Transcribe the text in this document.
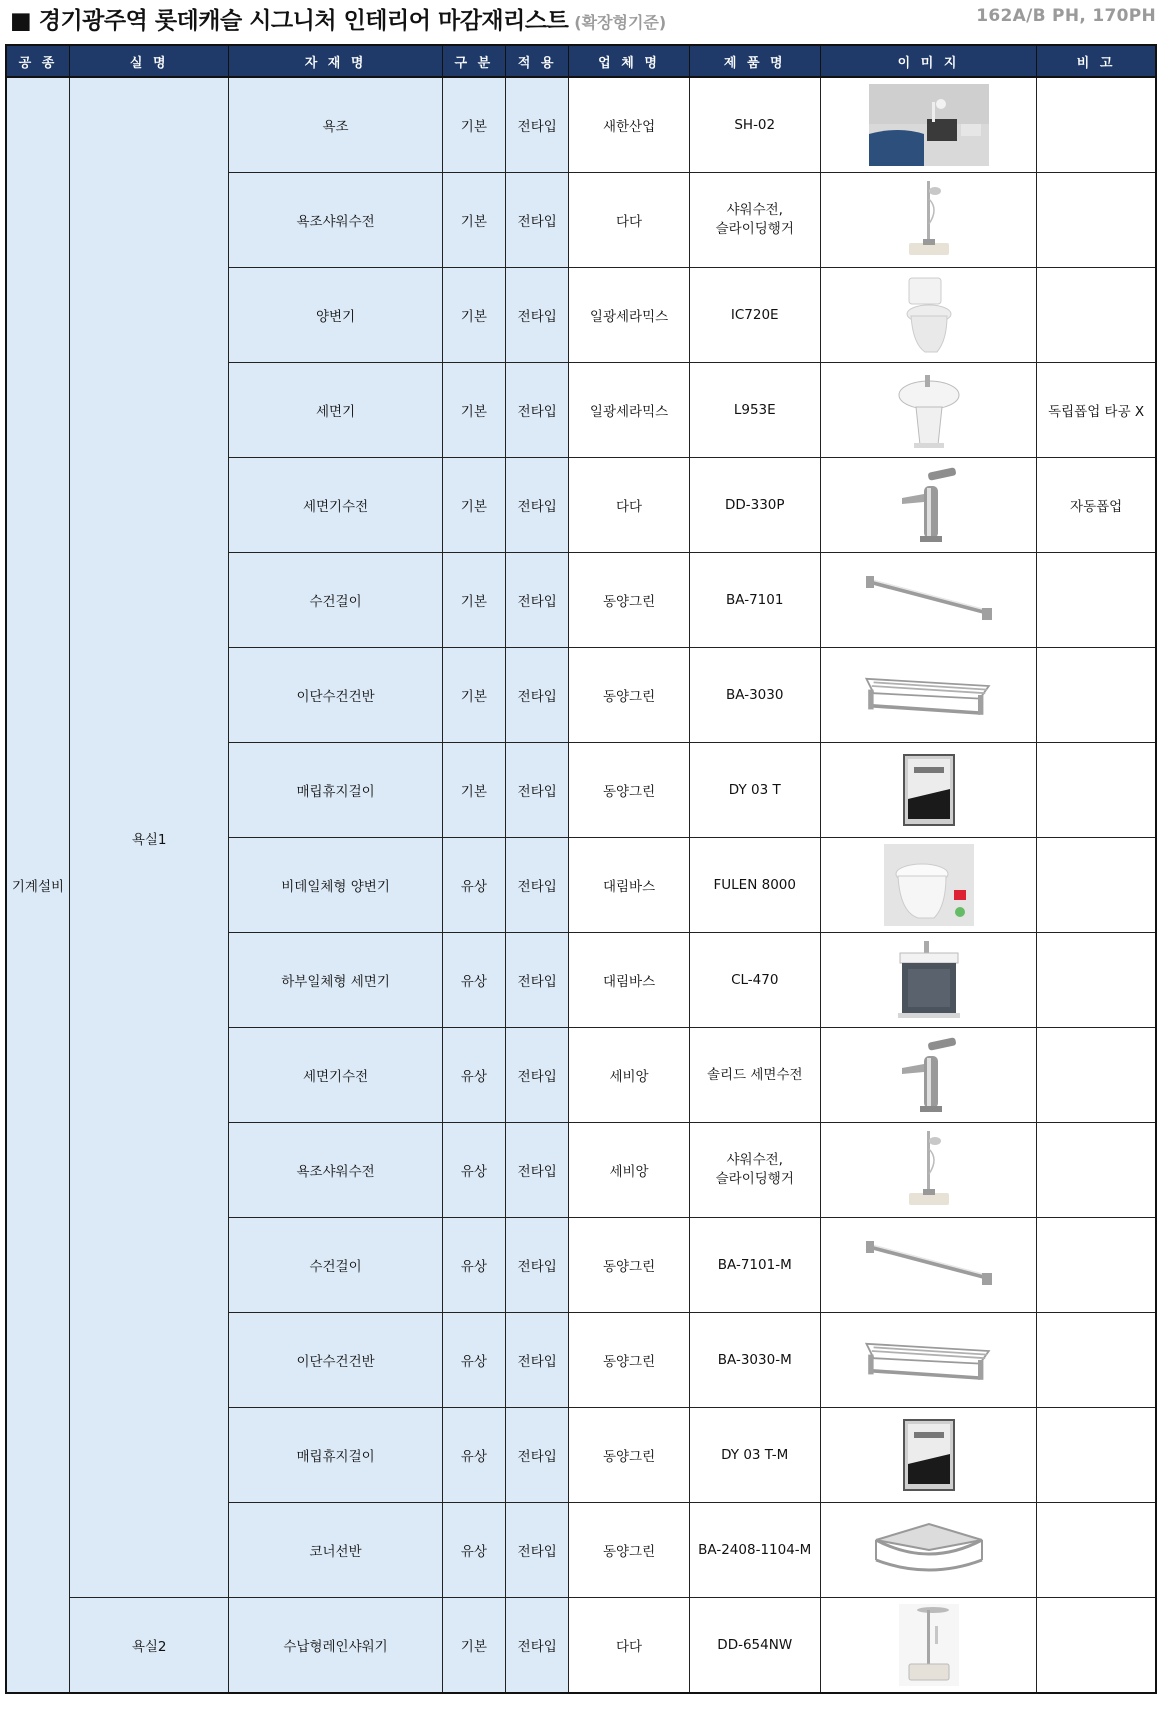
■ 경기광주역 롯데캐슬 시그니처 인테리어 마감재리스트 (확장형기준)	162A/B PH, 170PH
공 종	실 명	자 재 명	구 분	적 용	업 체 명	제 품 명	이 미 지	비 고
기계설비	욕실1	욕조	기본	전타입	새한산업	SH-02	

		욕조샤워수전	기본	전타입	다다	샤워수전,
슬라이딩행거	

		양변기	기본	전타입	일광세라믹스	IC720E	

		세면기	기본	전타입	일광세라믹스	L953E		독립폽업 타공 X
		세면기수전	기본	전타입	다다	DD-330P		자동폽업
		수건걸이	기본	전타입	동양그린	BA-7101	

		이단수건건반	기본	전타입	동양그린	BA-3030	

		매립휴지걸이	기본	전타입	동양그린	DY 03 T	

		비데일체형 양변기	유상	전타입	대림바스	FULEN 8000	

		하부일체형 세면기	유상	전타입	대림바스	CL-470	

		세면기수전	유상	전타입	세비앙	솔리드 세면수전	

		욕조샤워수전	유상	전타입	세비앙	샤워수전,
슬라이딩행거	

		수건걸이	유상	전타입	동양그린	BA-7101-M	

		이단수건건반	유상	전타입	동양그린	BA-3030-M	

		매립휴지걸이	유상	전타입	동양그린	DY 03 T-M	

		코너선반	유상	전타입	동양그린	BA-2408-1104-M	

	욕실2	수납형레인샤워기	기본	전타입	다다	DD-654NW	
